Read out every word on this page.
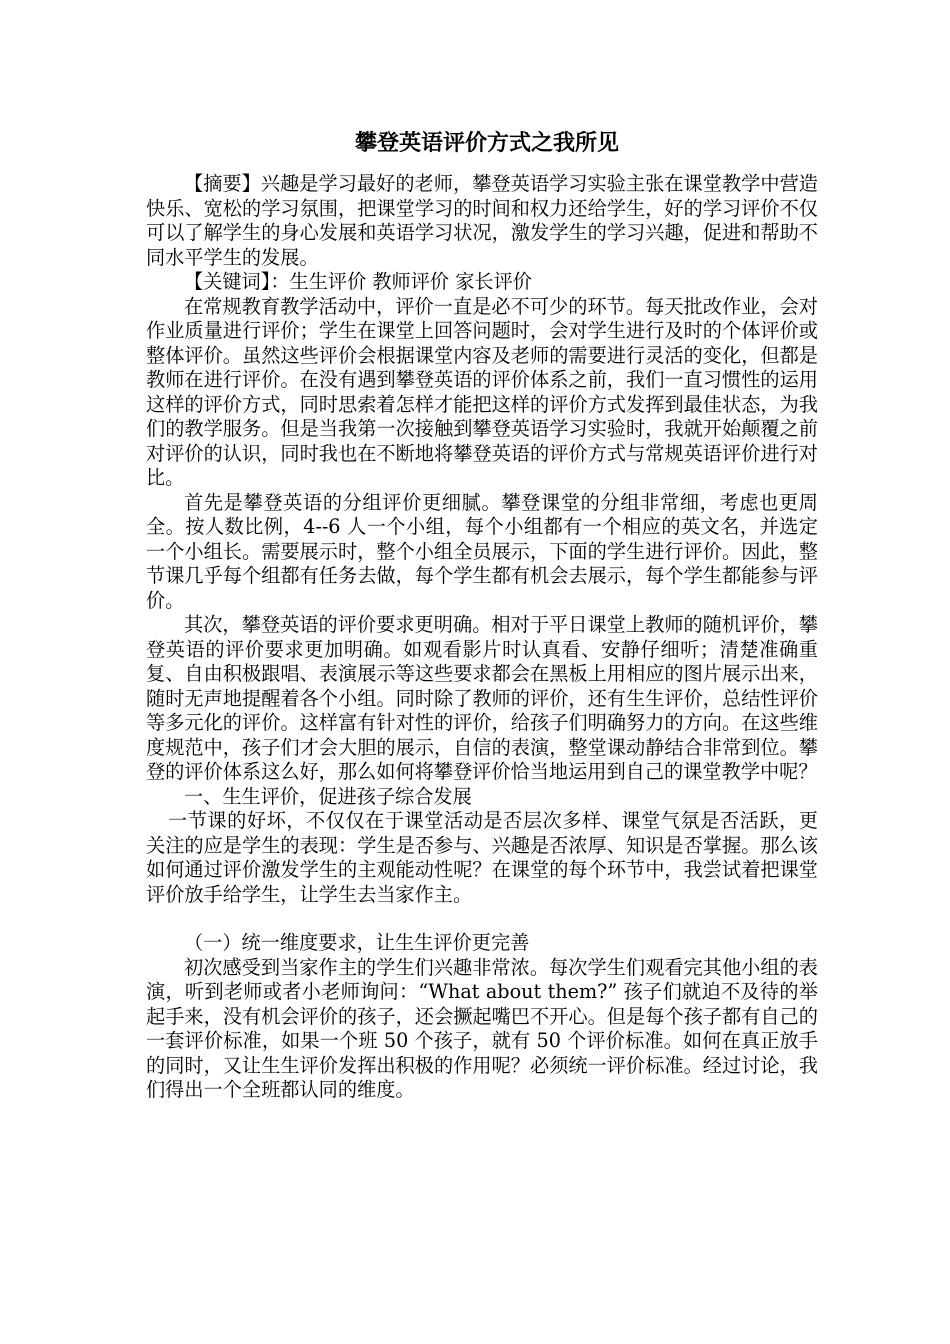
攀登英语评价方式之我所见

【摘要】兴趣是学习最好的老师，攀登英语学习实验主张在课堂教学中营造快乐、宽松的学习氛围，把课堂学习的时间和权力还给学生，好的学习评价不仅可以了解学生的身心发展和英语学习状况，激发学生的学习兴趣，促进和帮助不同水平学生的发展。

【关键词】：生生评价 教师评价 家长评价

在常规教育教学活动中，评价一直是必不可少的环节。每天批改作业，会对作业质量进行评价；学生在课堂上回答问题时，会对学生进行及时的个体评价或整体评价。虽然这些评价会根据课堂内容及老师的需要进行灵活的变化，但都是教师在进行评价。在没有遇到攀登英语的评价体系之前，我们一直习惯性的运用这样的评价方式，同时思索着怎样才能把这样的评价方式发挥到最佳状态，为我们的教学服务。但是当我第一次接触到攀登英语学习实验时，我就开始颠覆之前对评价的认识，同时我也在不断地将攀登英语的评价方式与常规英语评价进行对比。

首先是攀登英语的分组评价更细腻。攀登课堂的分组非常细，考虑也更周全。按人数比例，4--6 人一个小组，每个小组都有一个相应的英文名，并选定一个小组长。需要展示时，整个小组全员展示，下面的学生进行评价。因此，整节课几乎每个组都有任务去做，每个学生都有机会去展示，每个学生都能参与评价。

其次，攀登英语的评价要求更明确。相对于平日课堂上教师的随机评价，攀登英语的评价要求更加明确。如观看影片时认真看、安静仔细听；清楚准确重复、自由积极跟唱、表演展示等这些要求都会在黑板上用相应的图片展示出来，随时无声地提醒着各个小组。同时除了教师的评价，还有生生评价，总结性评价等多元化的评价。这样富有针对性的评价，给孩子们明确努力的方向。在这些维度规范中，孩子们才会大胆的展示，自信的表演，整堂课动静结合非常到位。攀登的评价体系这么好，那么如何将攀登评价恰当地运用到自己的课堂教学中呢？

一、生生评价，促进孩子综合发展

一节课的好坏，不仅仅在于课堂活动是否层次多样、课堂气氛是否活跃，更关注的应是学生的表现：学生是否参与、兴趣是否浓厚、知识是否掌握。那么该如何通过评价激发学生的主观能动性呢？在课堂的每个环节中，我尝试着把课堂评价放手给学生，让学生去当家作主。

（一）统一维度要求，让生生评价更完善

初次感受到当家作主的学生们兴趣非常浓。每次学生们观看完其他小组的表演，听到老师或者小老师询问：“What about them?” 孩子们就迫不及待的举起手来，没有机会评价的孩子，还会撅起嘴巴不开心。但是每个孩子都有自己的一套评价标准，如果一个班 50 个孩子，就有 50 个评价标准。如何在真正放手的同时，又让生生评价发挥出积极的作用呢？必须统一评价标准。经过讨论，我们得出一个全班都认同的维度。
